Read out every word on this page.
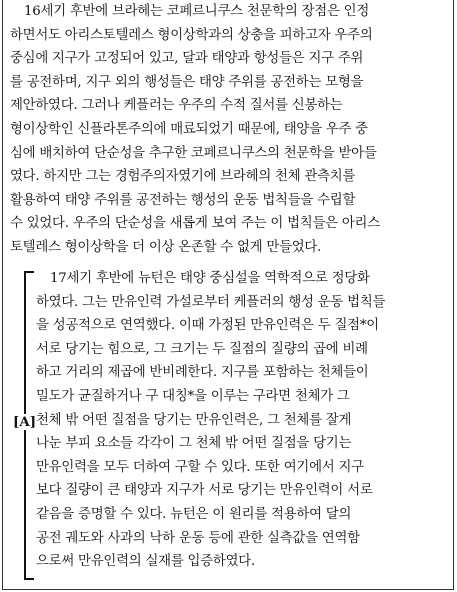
16세기 후반에 브라헤는 코페르니쿠스 천문학의 장점은 인정
하면서도 아리스토텔레스 형이상학과의 상충을 피하고자 우주의
중심에 지구가 고정되어 있고, 달과 태양과 항성들은 지구 주위
를 공전하며, 지구 외의 행성들은 태양 주위를 공전하는 모형을
제안하였다. 그러나 케플러는 우주의 수적 질서를 신봉하는
형이상학인 신플라톤주의에 매료되었기 때문에, 태양을 우주 중
심에 배치하여 단순성을 추구한 코페르니쿠스의 천문학을 받아들
였다. 하지만 그는 경험주의자였기에 브라헤의 천체 관측치를
활용하여 태양 주위를 공전하는 행성의 운동 법칙들을 수립할
수 있었다. 우주의 단순성을 새롭게 보여 주는 이 법칙들은 아리스
토텔레스 형이상학을 더 이상 온존할 수 없게 만들었다.
[A]
17세기 후반에 뉴턴은 태양 중심설을 역학적으로 정당화
하였다. 그는 만유인력 가설로부터 케플러의 행성 운동 법칙들
을 성공적으로 연역했다. 이때 가정된 만유인력은 두 질점*이
서로 당기는 힘으로, 그 크기는 두 질점의 질량의 곱에 비례
하고 거리의 제곱에 반비례한다. 지구를 포함하는 천체들이
밀도가 균질하거나 구 대칭*을 이루는 구라면 천체가 그
천체 밖 어떤 질점을 당기는 만유인력은, 그 천체를 잘게
나눈 부피 요소들 각각이 그 천체 밖 어떤 질점을 당기는
만유인력을 모두 더하여 구할 수 있다. 또한 여기에서 지구
보다 질량이 큰 태양과 지구가 서로 당기는 만유인력이 서로
같음을 증명할 수 있다. 뉴턴은 이 원리를 적용하여 달의
공전 궤도와 사과의 낙하 운동 등에 관한 실측값을 연역함
으로써 만유인력의 실재를 입증하였다.
